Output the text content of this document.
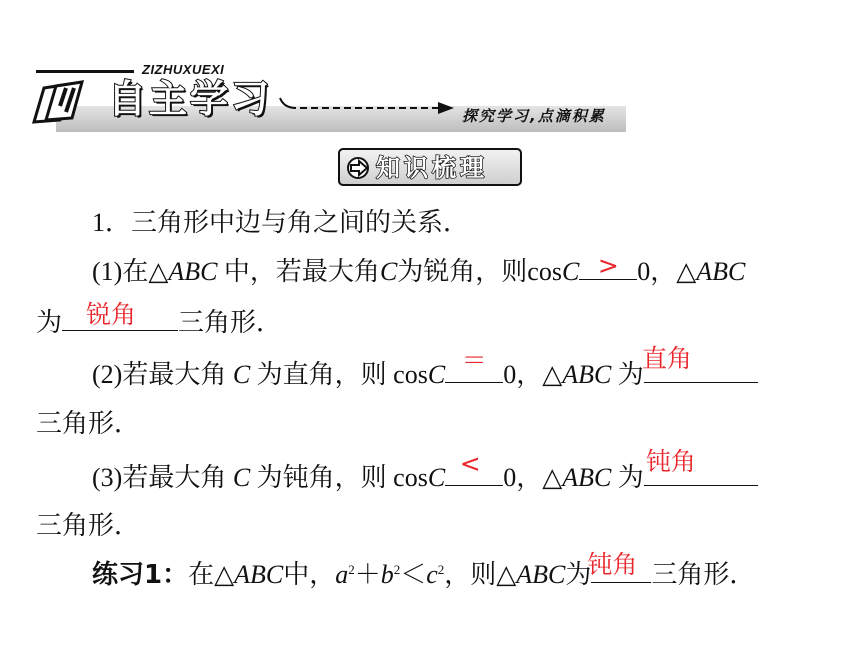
ZIZHUXUEXI
自主学习	探究学习,点滴积累
知识梳理
1．三角形中边与角之间的关系．
(1)在△ABC 中，若最大角C为锐角，则cosC > 0，△ABC
为 锐角	三角形．
(2)若最大角 C 为直角，则 cosC ＝ 0，△ABC 为
直角
三角形．
(3)若最大角 C 为钝角，则 cosC < 0，△ABC 为
钝角
三角形．
练习1：在△ABC中，$a^2+b^2<c^2$，则△ABC为
钝角 三角形．
